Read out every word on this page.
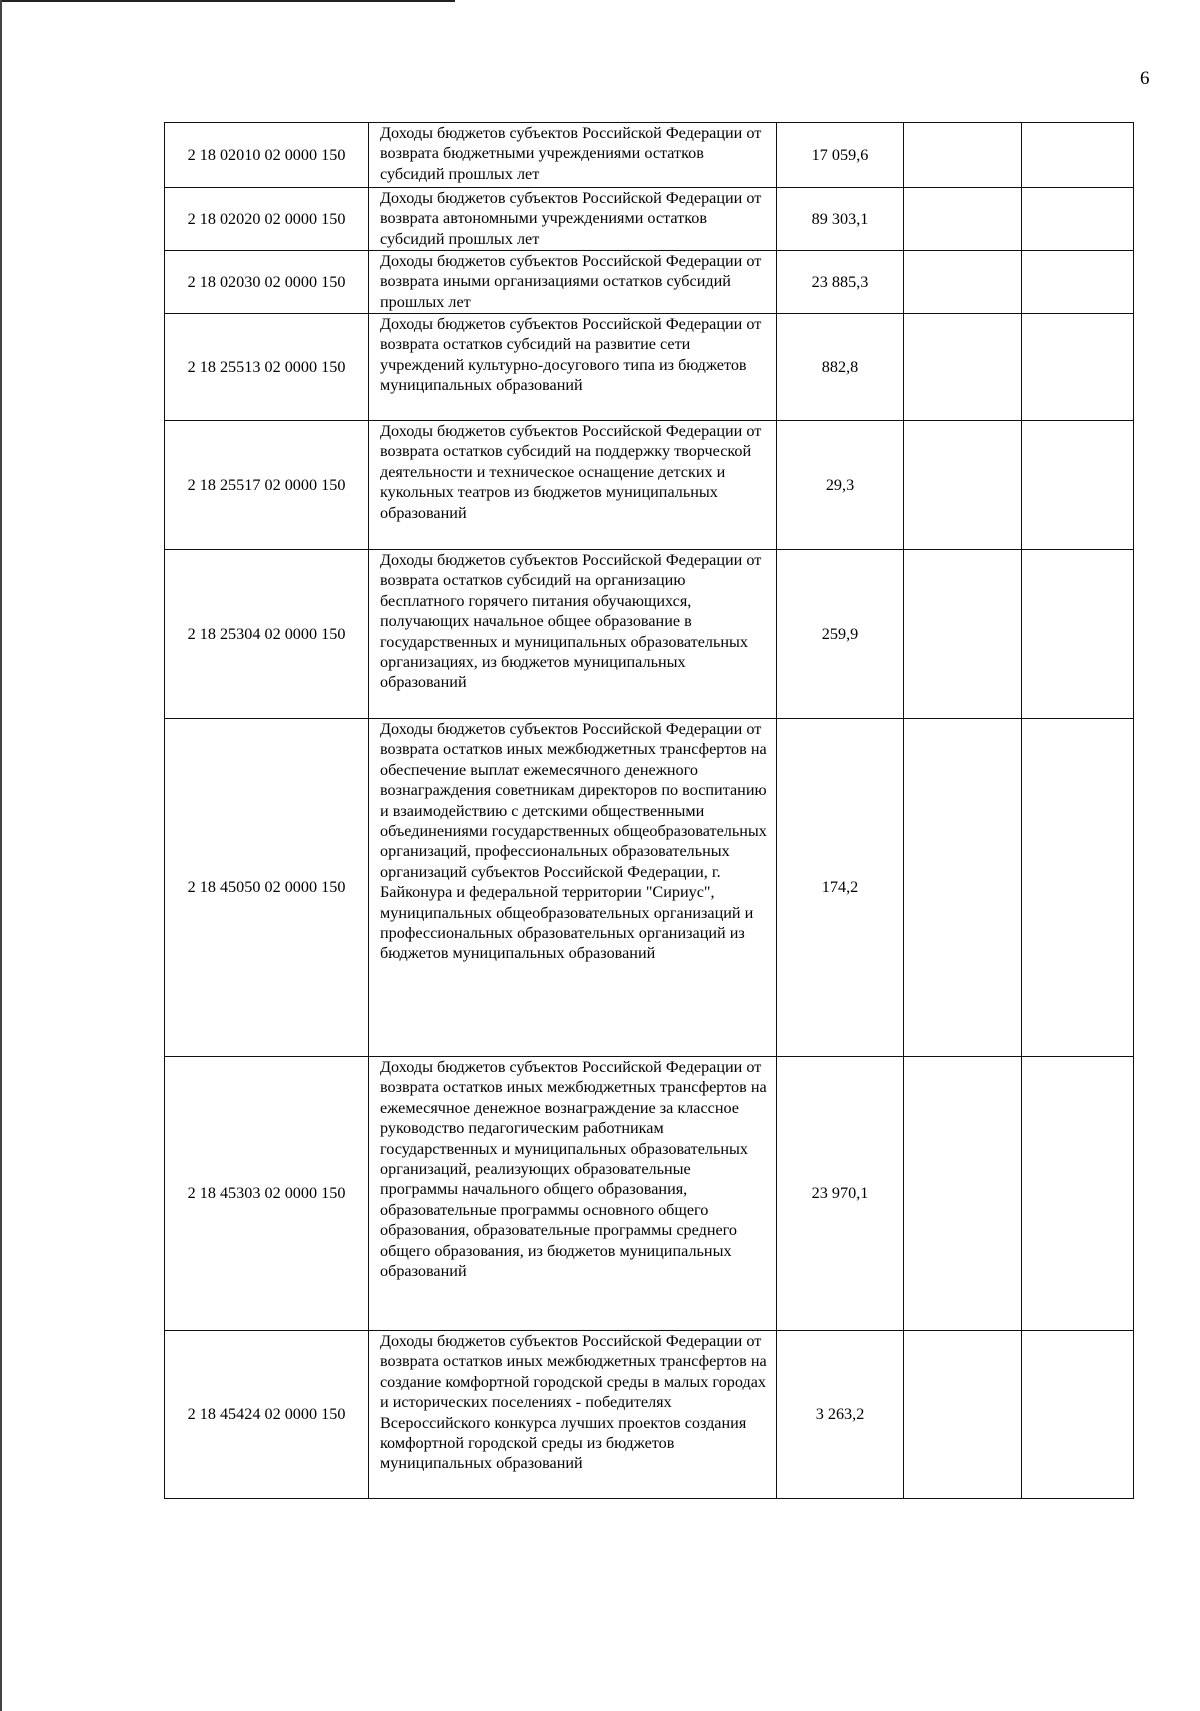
6
2 18 02010 02 0000 150	Доходы бюджетов субъектов Российской Федерации от возврата бюджетными учреждениями остатков субсидий прошлых лет	17 059,6		
2 18 02020 02 0000 150	Доходы бюджетов субъектов Российской Федерации от возврата автономными учреждениями остатков субсидий прошлых лет	89 303,1		
2 18 02030 02 0000 150	Доходы бюджетов субъектов Российской Федерации от возврата иными организациями остатков субсидий прошлых лет	23 885,3		
2 18 25513 02 0000 150	Доходы бюджетов субъектов Российской Федерации от возврата остатков субсидий на развитие сети учреждений культурно-досугового типа из бюджетов муниципальных образований	882,8		
2 18 25517 02 0000 150	Доходы бюджетов субъектов Российской Федерации от возврата остатков субсидий на поддержку творческой деятельности и техническое оснащение детских и кукольных театров из бюджетов муниципальных образований	29,3		
2 18 25304 02 0000 150	Доходы бюджетов субъектов Российской Федерации от возврата остатков субсидий на организацию бесплатного горячего питания обучающихся, получающих начальное общее образование в государственных и муниципальных образовательных организациях, из бюджетов муниципальных образований	259,9		
2 18 45050 02 0000 150	Доходы бюджетов субъектов Российской Федерации от возврата остатков иных межбюджетных трансфертов на обеспечение выплат ежемесячного денежного вознаграждения советникам директоров по воспитанию и взаимодействию с детскими общественными объединениями государственных общеобразовательных организаций, профессиональных образовательных организаций субъектов Российской Федерации, г. Байконура и федеральной территории "Сириус", муниципальных общеобразовательных организаций и профессиональных образовательных организаций из бюджетов муниципальных образований	174,2		
2 18 45303 02 0000 150	Доходы бюджетов субъектов Российской Федерации от возврата остатков иных межбюджетных трансфертов на ежемесячное денежное вознаграждение за классное руководство педагогическим работникам государственных и муниципальных образовательных организаций, реализующих образовательные программы начального общего образования, образовательные программы основного общего образования, образовательные программы среднего общего образования, из бюджетов муниципальных образований	23 970,1		
2 18 45424 02 0000 150	Доходы бюджетов субъектов Российской Федерации от возврата остатков иных межбюджетных трансфертов на создание комфортной городской среды в малых городах и исторических поселениях - победителях Всероссийского конкурса лучших проектов создания комфортной городской среды из бюджетов муниципальных образований	3 263,2		
